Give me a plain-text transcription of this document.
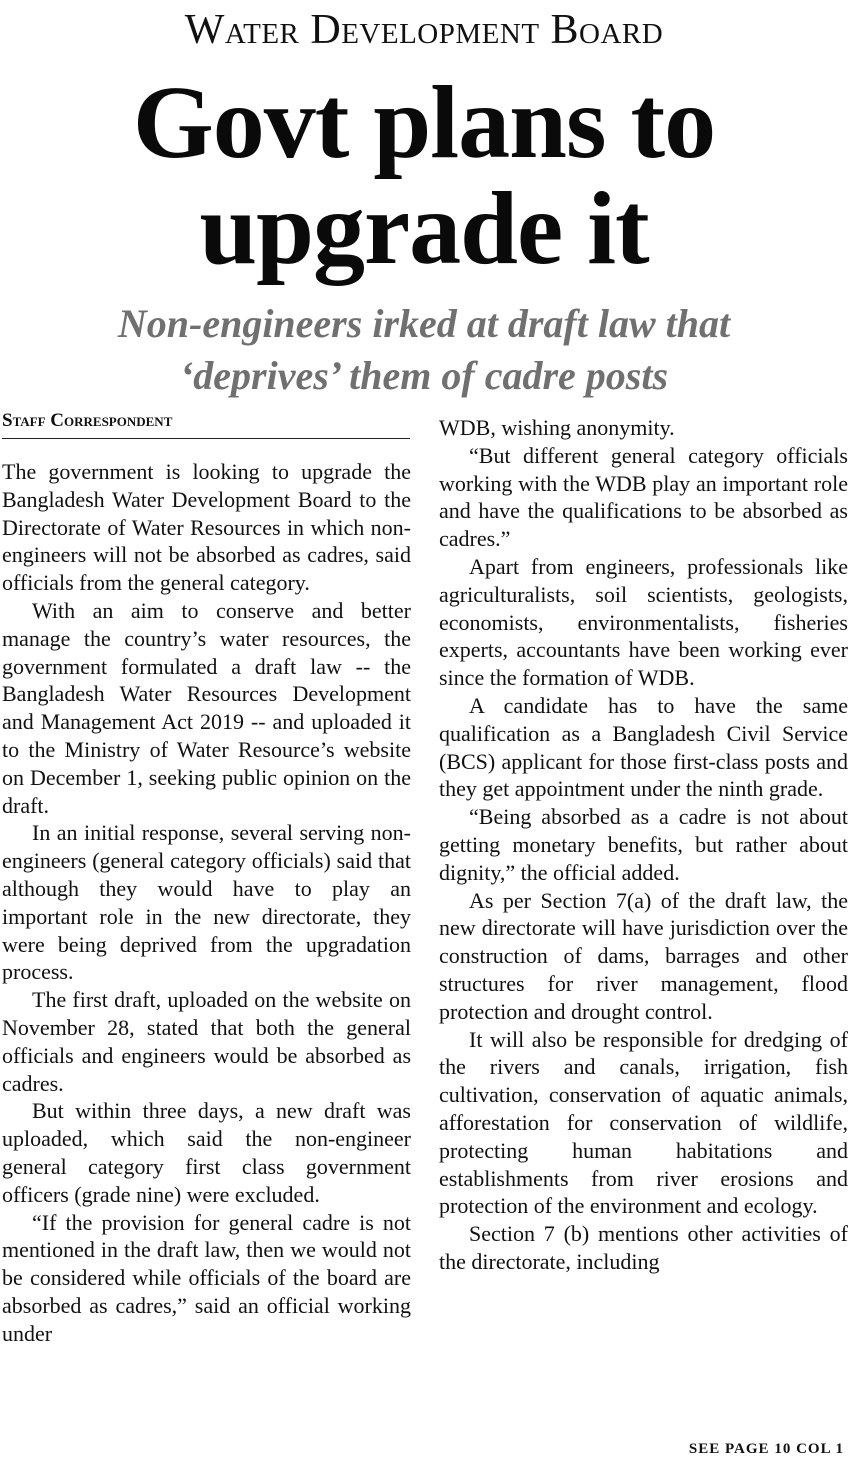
Water Development Board
Govt plans to
upgrade it
Non-engineers irked at draft law that
‘deprives’ them of cadre posts
Staff Correspondent

The government is looking to upgrade the Bangladesh Water Development Board to the Directorate of Water Resources in which non-engineers will not be absorbed as cadres, said officials from the general category.

With an aim to conserve and better manage the country’s water resources, the government formulated a draft law -- the Bangladesh Water Resources Development and Management Act 2019 -- and uploaded it to the Ministry of Water Resource’s website on December 1, seeking public opinion on the draft.

In an initial response, several serving non-engineers (general category officials) said that although they would have to play an important role in the new directorate, they were being deprived from the upgradation process.

The first draft, uploaded on the website on November 28, stated that both the general officials and engineers would be absorbed as cadres.

But within three days, a new draft was uploaded, which said the non-engineer general category first class government officers (grade nine) were excluded.

“If the provision for general cadre is not mentioned in the draft law, then we would not be considered while officials of the board are absorbed as cadres,” said an official working under

WDB, wishing anonymity.

“But different general category officials working with the WDB play an important role and have the qualifications to be absorbed as cadres.”

Apart from engineers, professionals like agriculturalists, soil scientists, geologists, economists, environmentalists, fisheries experts, accountants have been working ever since the formation of WDB.

A candidate has to have the same qualification as a Bangladesh Civil Service (BCS) applicant for those first-class posts and they get appointment under the ninth grade.

“Being absorbed as a cadre is not about getting monetary benefits, but rather about dignity,” the official added.

As per Section 7(a) of the draft law, the new directorate will have jurisdiction over the construction of dams, barrages and other structures for river management, flood protection and drought control.

It will also be responsible for dredging of the rivers and canals, irrigation, fish cultivation, conservation of aquatic animals, afforestation for conservation of wildlife, protecting human habitations and establishments from river erosions and protection of the environment and ecology.

Section 7 (b) mentions other activities of the directorate, including

SEE PAGE 10 COL 1
